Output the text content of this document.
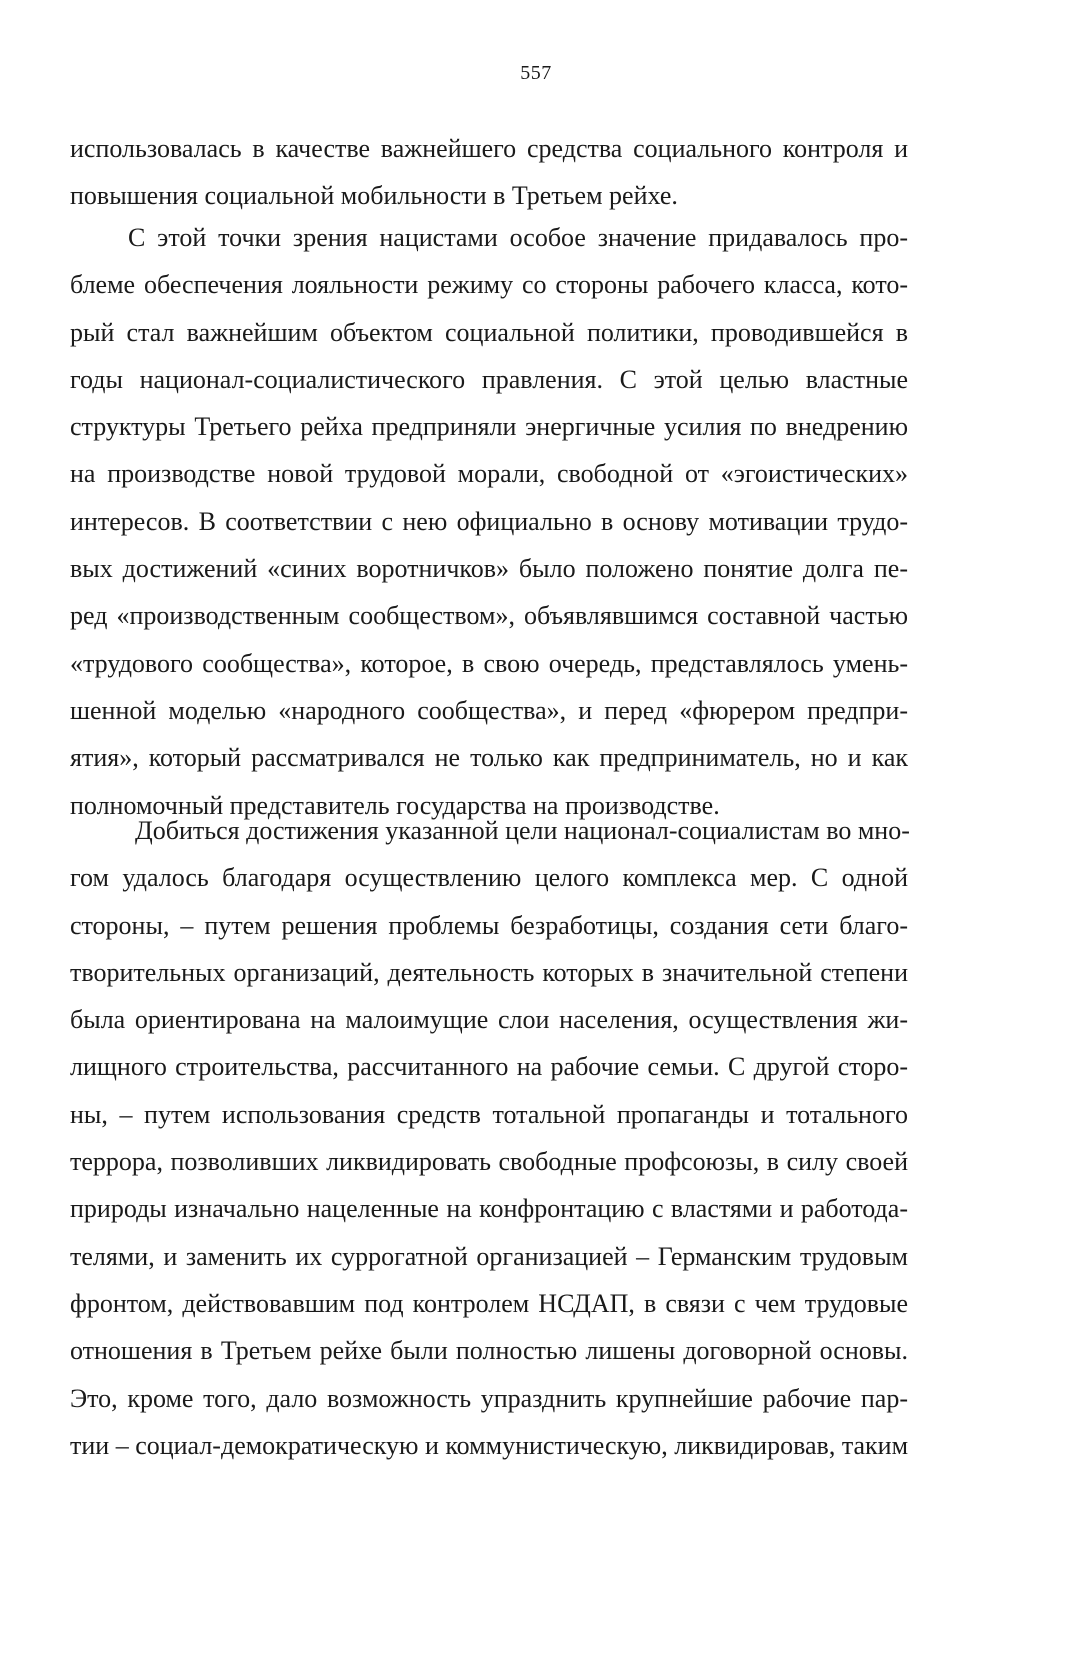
557
использовалась в качестве важнейшего средства социального контроля и
повышения социальной мобильности в Третьем рейхе.
С этой точки зрения нацистами особое значение придавалось про-
блеме обеспечения лояльности режиму со стороны рабочего класса, кото-
рый стал важнейшим объектом социальной политики, проводившейся в
годы национал-социалистического правления. С этой целью властные
структуры Третьего рейха предприняли энергичные усилия по внедрению
на производстве новой трудовой морали, свободной от «эгоистических»
интересов. В соответствии с нею официально в основу мотивации трудо-
вых достижений «синих воротничков» было положено понятие долга пе-
ред «производственным сообществом», объявлявшимся составной частью
«трудового сообщества», которое, в свою очередь, представлялось умень-
шенной моделью «народного сообщества», и перед «фюрером предпри-
ятия», который рассматривался не только как предприниматель, но и как
полномочный представитель государства на производстве.
Добиться достижения указанной цели национал-социалистам во мно-
гом удалось благодаря осуществлению целого комплекса мер. С одной
стороны, – путем решения проблемы безработицы, создания сети благо-
творительных организаций, деятельность которых в значительной степени
была ориентирована на малоимущие слои населения, осуществления жи-
лищного строительства, рассчитанного на рабочие семьи. С другой сторо-
ны, – путем использования средств тотальной пропаганды и тотального
террора, позволивших ликвидировать свободные профсоюзы, в силу своей
природы изначально нацеленные на конфронтацию с властями и работода-
телями, и заменить их суррогатной организацией – Германским трудовым
фронтом, действовавшим под контролем НСДАП, в связи с чем трудовые
отношения в Третьем рейхе были полностью лишены договорной основы.
Это, кроме того, дало возможность упразднить крупнейшие рабочие пар-
тии – социал-демократическую и коммунистическую, ликвидировав, таким
